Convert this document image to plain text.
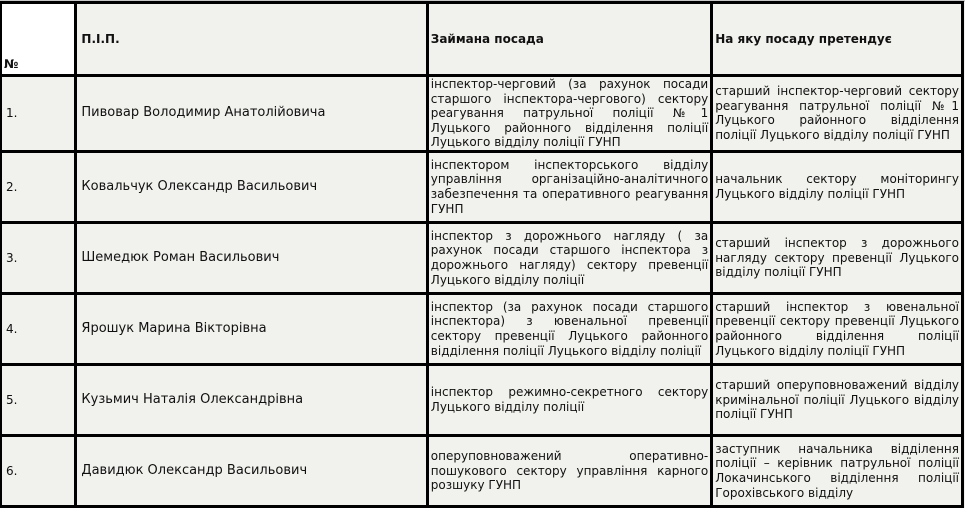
№	П.І.П.	Займана посада	На яку посаду претендує
1.	Пивовар Володимир Анатолійовича	інспектор-черговий (за рахунок посади старшого інспектора-чергового) сектору реагування патрульної поліції №1 Луцького районного відділення поліції Луцького відділу поліції ГУНП	старший інспектор-черговий сектору реагування патрульної поліції №1 Луцького районного відділення поліції Луцького відділу поліції ГУНП
2.	Ковальчук Олександр Васильович	інспектором інспекторського відділу управління організаційно-аналітичного забезпечення та оперативного реагування ГУНП	начальник сектору моніторингу Луцького відділу поліції ГУНП
3.	Шемедюк Роман Васильович	інспектор з дорожнього нагляду ( за рахунок посади старшого інспектора з дорожнього нагляду) сектору превенції Луцького відділу поліції	старший інспектор з дорожнього нагляду сектору превенції Луцького відділу поліції ГУНП
4.	Ярошук Марина Вікторівна	інспектор (за рахунок посади старшого інспектора) з ювенальної превенції сектору превенції Луцького районного відділення поліції Луцького відділу поліції	старший інспектор з ювенальної превенції сектору превенції Луцького районного відділення поліції Луцького відділу поліції ГУНП
5.	Кузьмич Наталія Олександрівна	інспектор режимно-секретного сектору Луцького відділу поліції	старший оперуповноважений відділу кримінальної поліції Луцького відділу поліції ГУНП
6.	Давидюк Олександр Васильович	оперуповноважений оперативно-пошукового сектору управління карного розшуку ГУНП	заступник начальника відділення поліції – керівник патрульної поліції Локачинського відділення поліції Горохівського відділу
